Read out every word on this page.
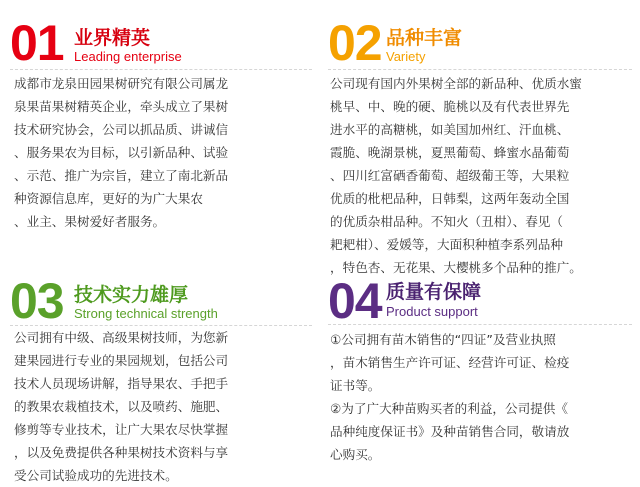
01 业界精英
Leading enterprise
成都市龙泉田园果树研究有限公司属龙
泉果苗果树精英企业，牵头成立了果树
技术研究协会，公司以抓品质、讲诚信
、服务果农为目标，以引新品种、试验
、示范、推广为宗旨，建立了南北新品
种资源信息库，更好的为广大果农
、业主、果树爱好者服务。
02 品种丰富
Variety
公司现有国内外果树全部的新品种、优质水蜜
桃早、中、晚的硬、脆桃以及有代表世界先
进水平的高糖桃，如美国加州红、汗血桃、
霞脆、晚湖景桃，夏黑葡萄、蜂蜜水晶葡萄
、四川红富硒香葡萄、超级葡王等，大果粒
优质的枇杷品种，日韩梨，这两年轰动全国
的优质杂柑品种。不知火（丑柑）、春见（
耙耙柑）、爱媛等，大面积种植李系列品种
，特色杏、无花果、大樱桃多个品种的推广。
03 技术实力雄厚
Strong technical strength
公司拥有中级、高级果树技师，为您新
建果园进行专业的果园规划，包括公司
技术人员现场讲解，指导果农、手把手
的教果农栽植技术，以及喷药、施肥、
修剪等专业技术，让广大果农尽快掌握
，以及免费提供各种果树技术资料与享
受公司试验成功的先进技术。
04 质量有保障
Product support
①公司拥有苗木销售的“四证”及营业执照
，苗木销售生产许可证、经营许可证、检疫
证书等。
②为了广大种苗购买者的利益，公司提供《
品种纯度保证书》及种苗销售合同，敬请放
心购买。
